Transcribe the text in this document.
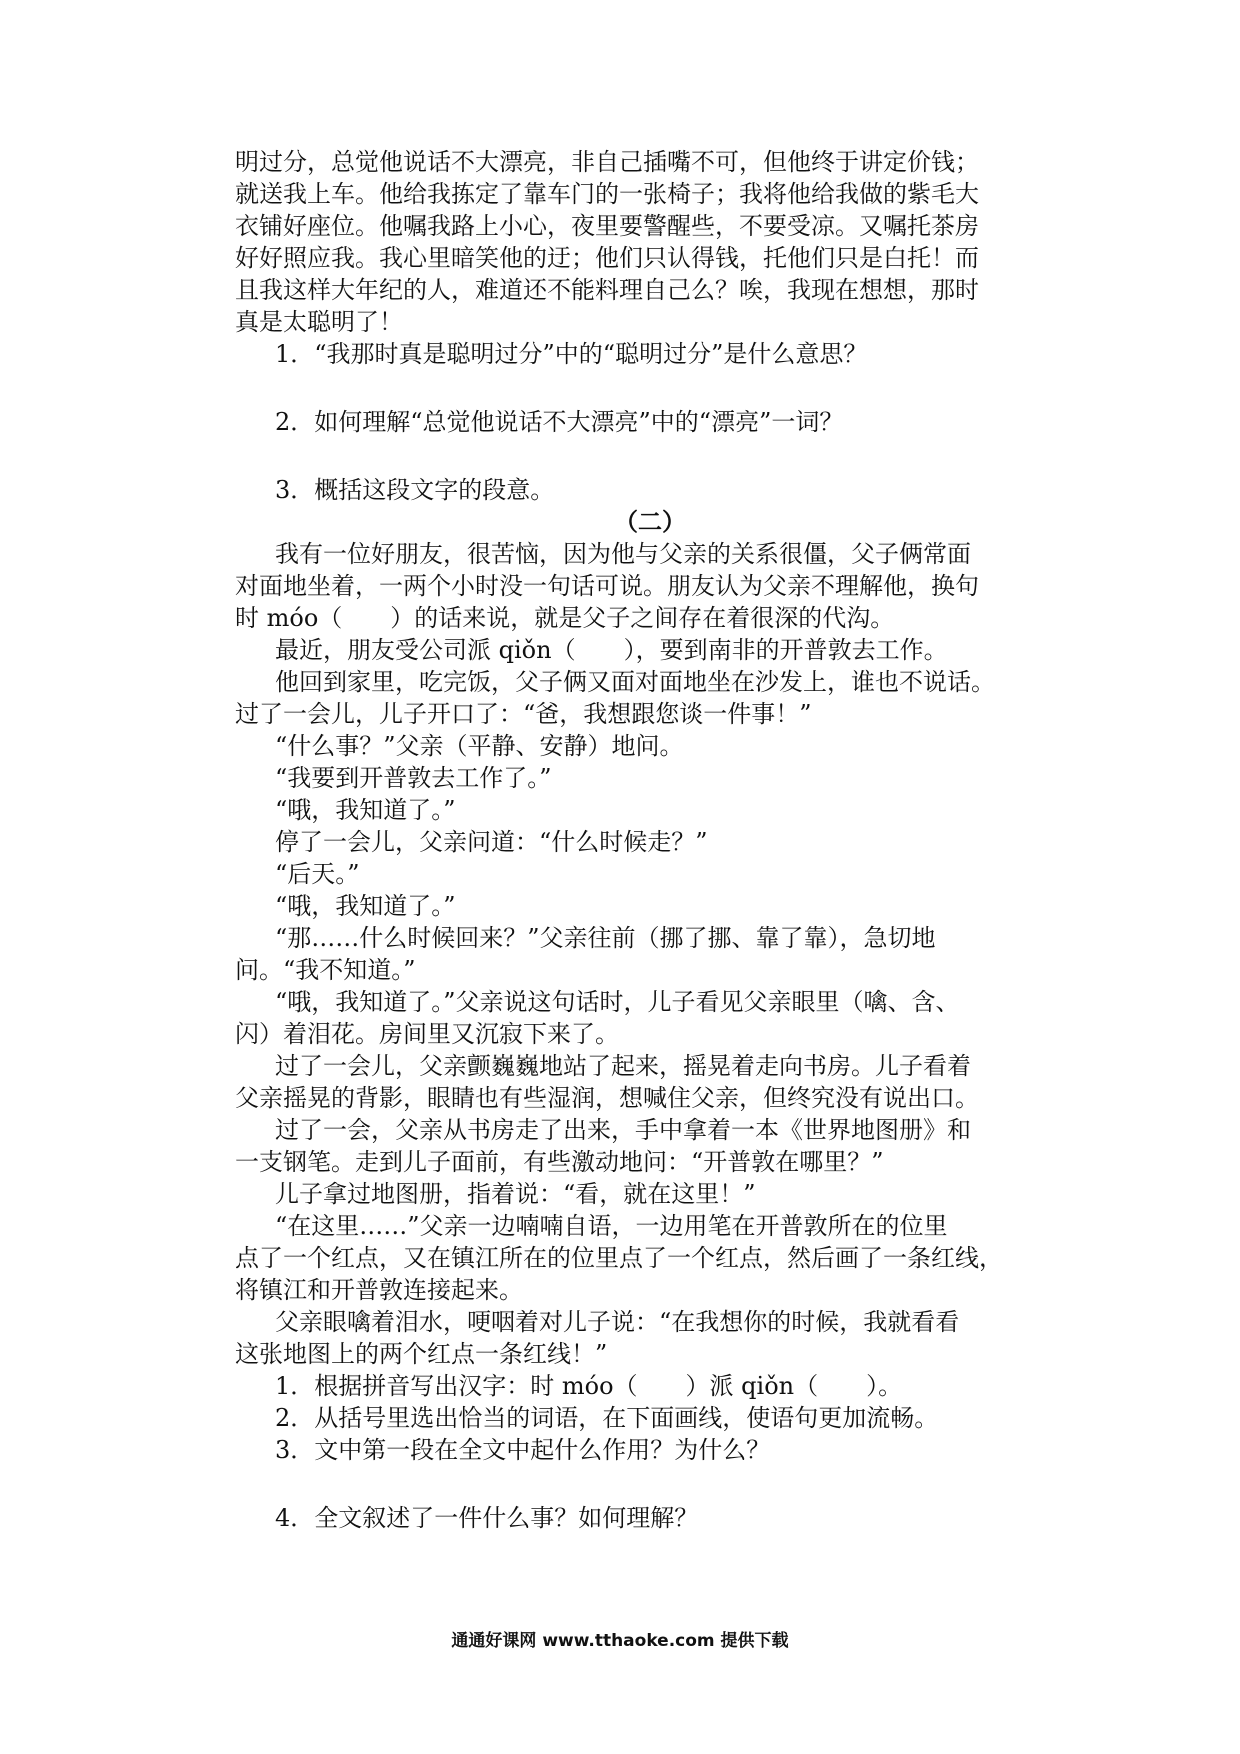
明过分，总觉他说话不大漂亮，非自己插嘴不可，但他终于讲定价钱；

就送我上车。他给我拣定了靠车门的一张椅子；我将他给我做的紫毛大

衣铺好座位。他嘱我路上小心，夜里要警醒些，不要受凉。又嘱托茶房

好好照应我。我心里暗笑他的迂；他们只认得钱，托他们只是白托！而

且我这样大年纪的人，难道还不能料理自己么？唉，我现在想想，那时

真是太聪明了！

1．“我那时真是聪明过分”中的“聪明过分”是什么意思？

2．如何理解“总觉他说话不大漂亮”中的“漂亮”一词？

3．概括这段文字的段意。

（二）

我有一位好朋友，很苦恼，因为他与父亲的关系很僵，父子俩常面

对面地坐着，一两个小时没一句话可说。朋友认为父亲不理解他，换句

时 móo（　　）的话来说，就是父子之间存在着很深的代沟。

最近，朋友受公司派 qiǒn（　　），要到南非的开普敦去工作。

他回到家里，吃完饭，父子俩又面对面地坐在沙发上，谁也不说话。

过了一会儿，儿子开口了：“爸，我想跟您谈一件事！”

“什么事？”父亲（平静、安静）地问。

“我要到开普敦去工作了。”

“哦，我知道了。”

停了一会儿，父亲问道：“什么时候走？”

“后天。”

“哦，我知道了。”

“那……什么时候回来？”父亲往前（挪了挪、靠了靠），急切地

问。“我不知道。”

“哦，我知道了。”父亲说这句话时，儿子看见父亲眼里（噙、含、

闪）着泪花。房间里又沉寂下来了。

过了一会儿，父亲颤巍巍地站了起来，摇晃着走向书房。儿子看着

父亲摇晃的背影，眼睛也有些湿润，想喊住父亲，但终究没有说出口。

过了一会，父亲从书房走了出来，手中拿着一本《世界地图册》和

一支钢笔。走到儿子面前，有些激动地问：“开普敦在哪里？”

儿子拿过地图册，指着说：“看，就在这里！”

“在这里……”父亲一边喃喃自语，一边用笔在开普敦所在的位里

点了一个红点，又在镇江所在的位里点了一个红点，然后画了一条红线，

将镇江和开普敦连接起来。

父亲眼噙着泪水，哽咽着对儿子说：“在我想你的时候，我就看看

这张地图上的两个红点一条红线！”

1．根据拼音写出汉字：时 móo（　　）派 qiǒn（　　）。

2．从括号里选出恰当的词语，在下面画线，使语句更加流畅。

3．文中第一段在全文中起什么作用？为什么？

4．全文叙述了一件什么事？如何理解？

通通好课网 www.tthaoke.com 提供下载
